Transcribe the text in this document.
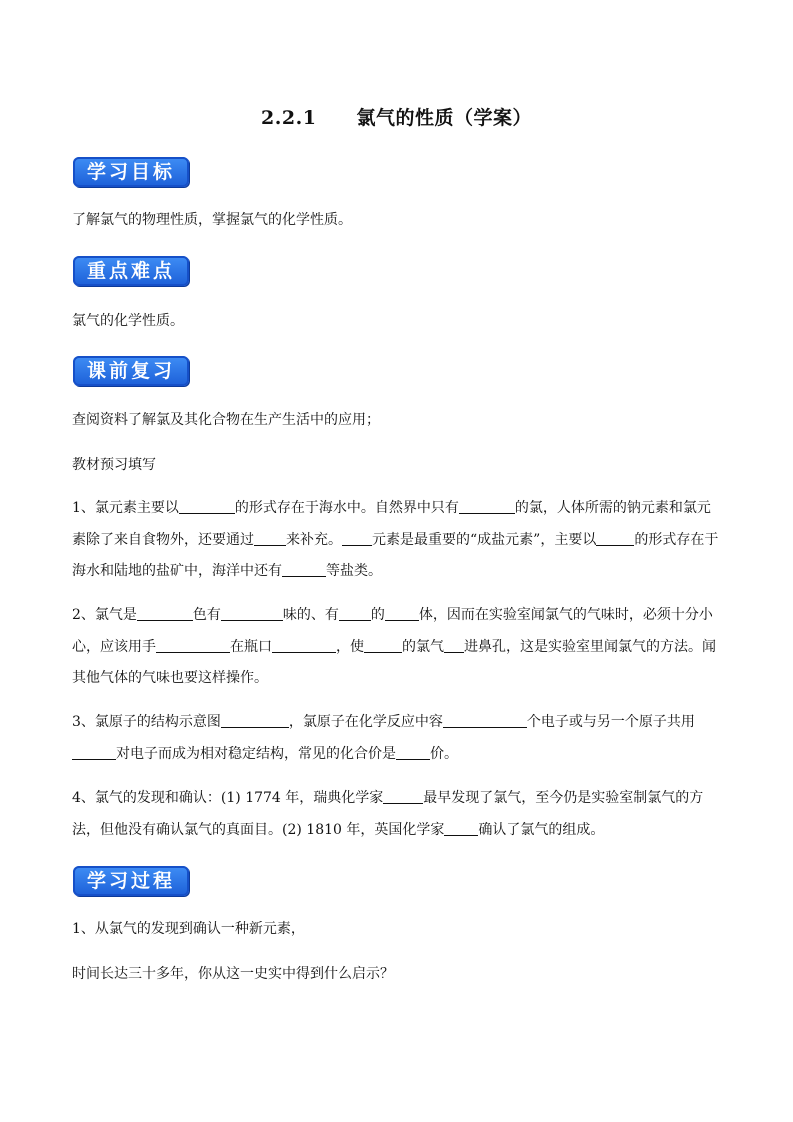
2.2.1 氯气的性质（学案）
学习目标
了解氯气的物理性质，掌握氯气的化学性质。
重点难点
氯气的化学性质。
课前复习
查阅资料了解氯及其化合物在生产生活中的应用；
教材预习填写
1、氯元素主要以	的形式存在于海水中。自然界中只有	的氯，人体所需的钠元素和氯元素除了来自食物外，还要通过 来补充。 元素是最重要的“成盐元素”，主要以	的形式存在于海水和陆地的盐矿中，海洋中还有	等盐类。
2、氯气是	色有	味的、有 的 体，因而在实验室闻氯气的气味时，必须十分小心，应该用手	在瓶口	，使	的氯气 进鼻孔，这是实验室里闻氯气的方法。闻其他气体的气味也要这样操作。
3、氯原子的结构示意图	，氯原子在化学反应中容	个电子或与另一个原子共用对电子而成为相对稳定结构，常见的化合价是 价。
4、氯气的发现和确认：(1) 1774 年，瑞典化学家	最早发现了氯气，至今仍是实验室制氯气的方法，但他没有确认氯气的真面目。(2) 1810 年，英国化学家 确认了氯气的组成。
学习过程
1、从氯气的发现到确认一种新元素，
时间长达三十多年，你从这一史实中得到什么启示？
